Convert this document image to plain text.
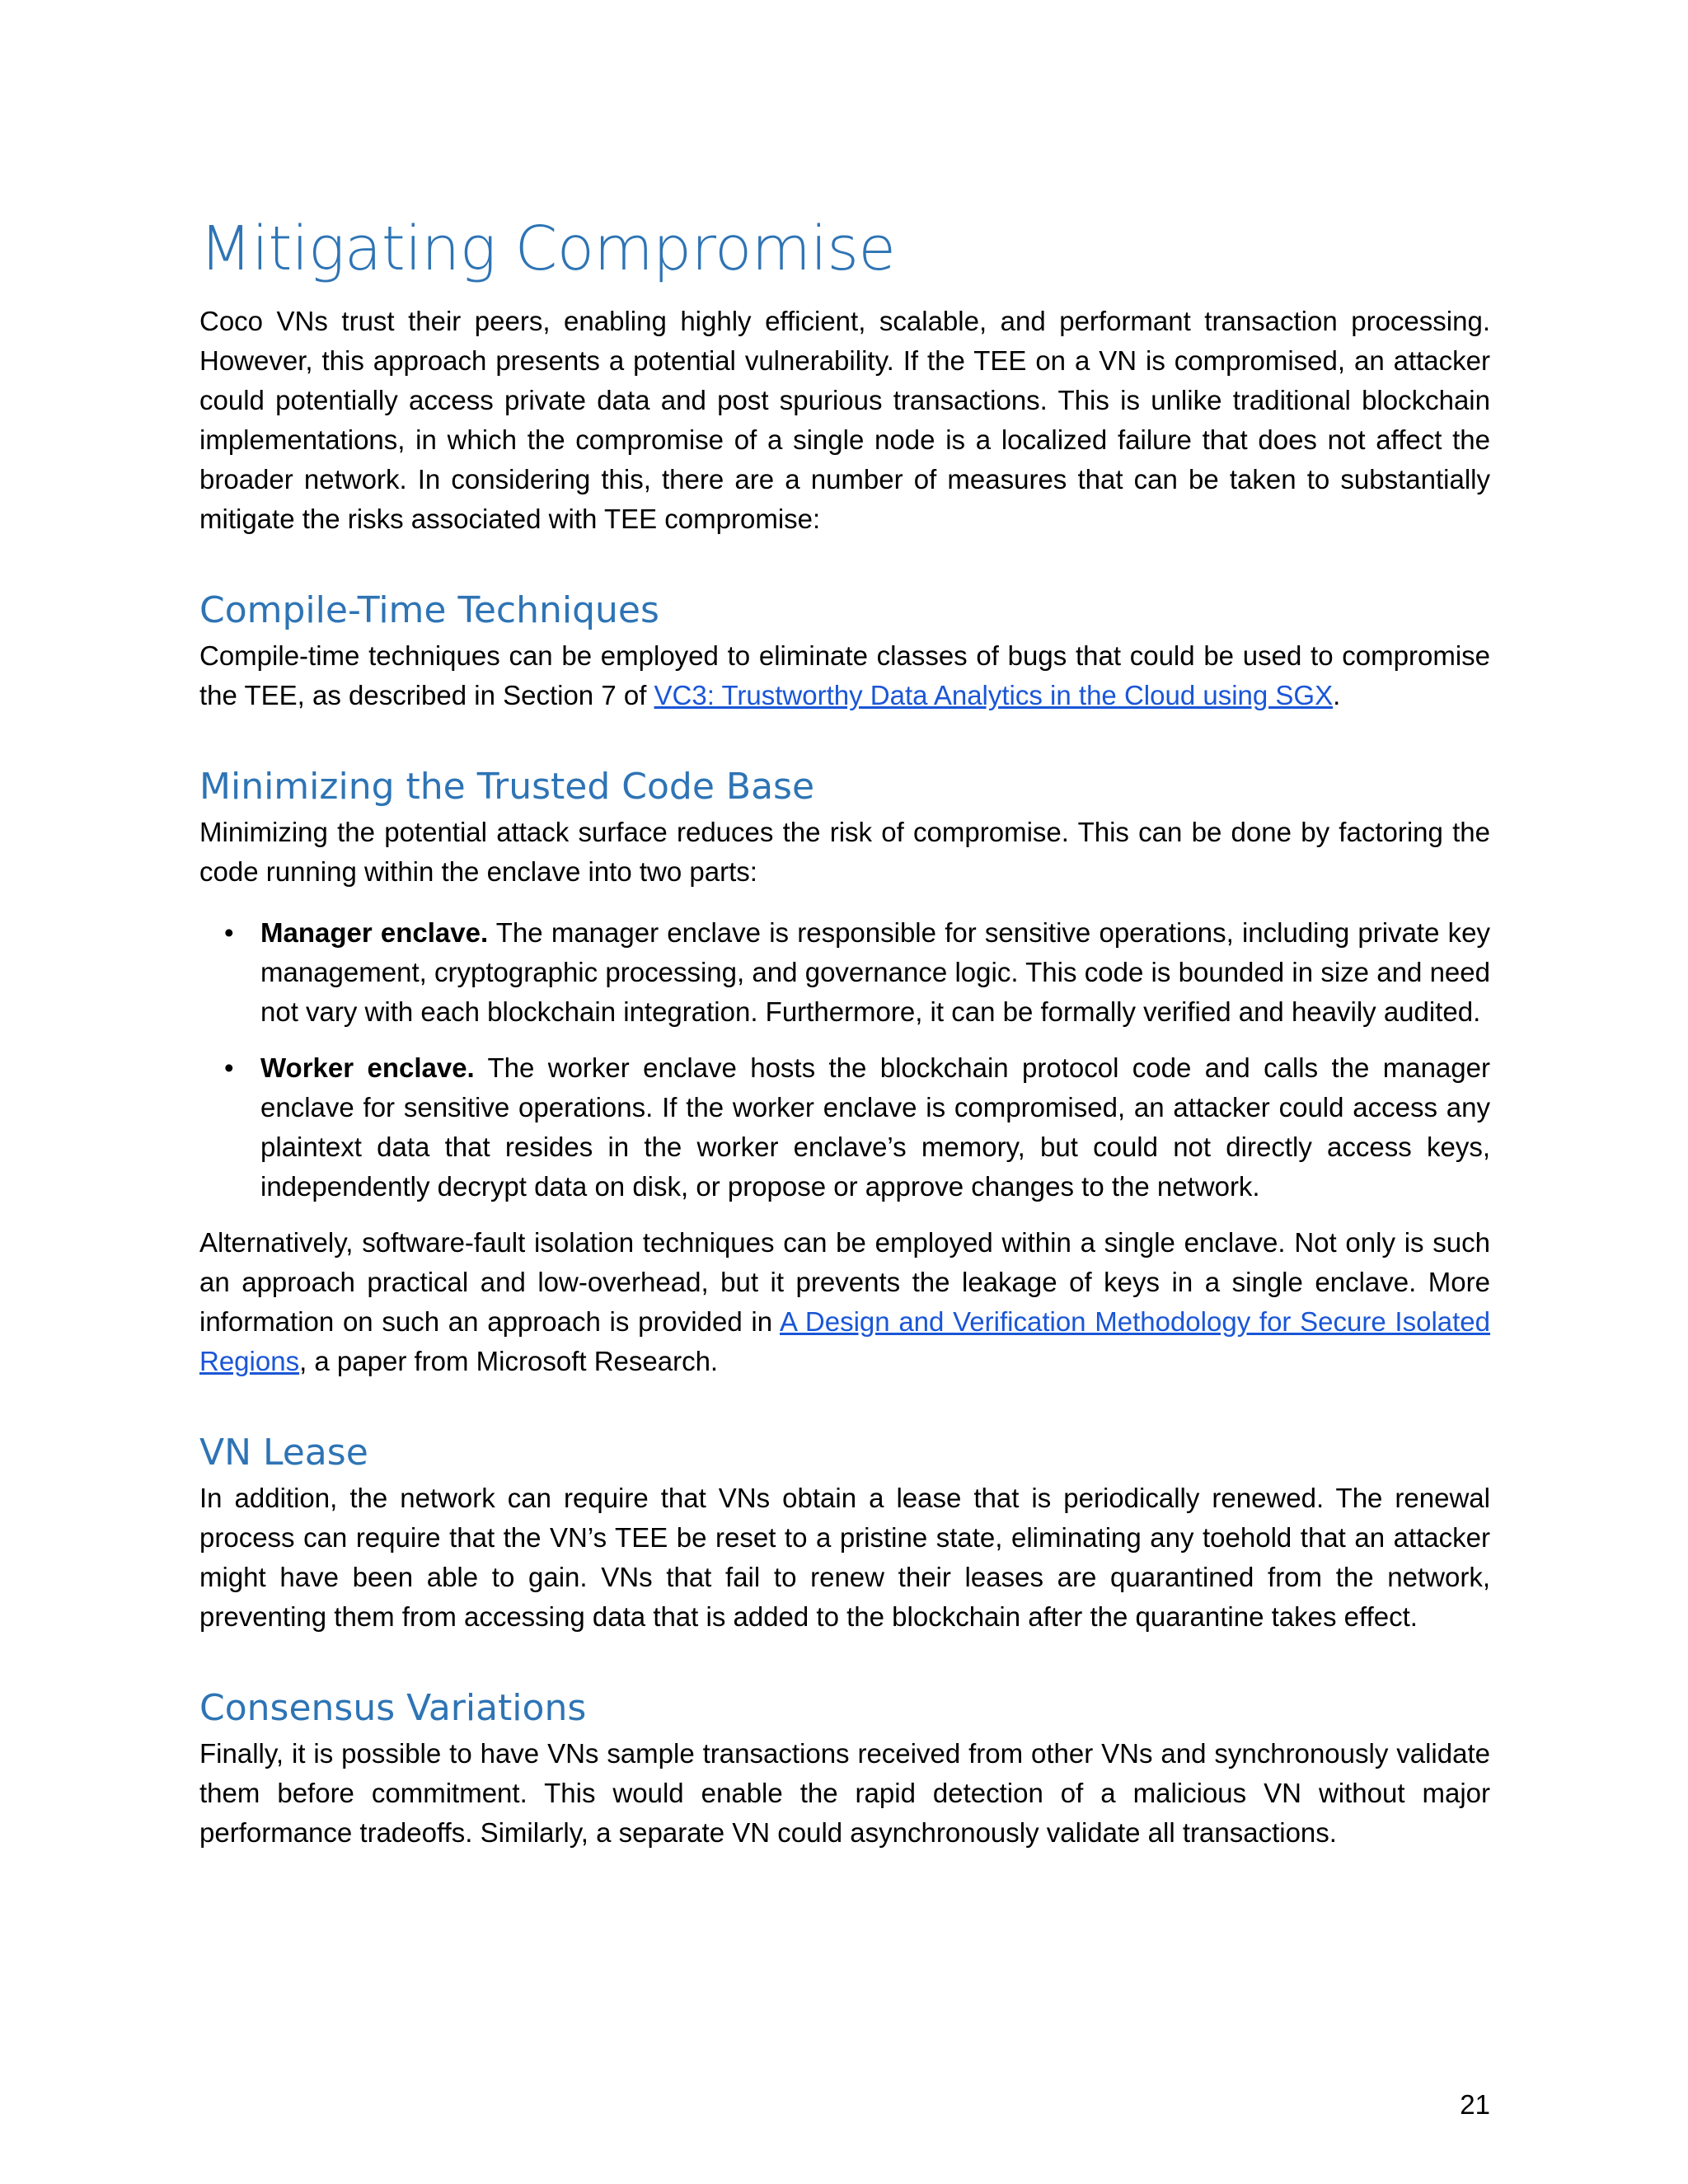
Mitigating Compromise

Coco VNs trust their peers, enabling highly efficient, scalable, and performant transaction processing. However, this approach presents a potential vulnerability. If the TEE on a VN is compromised, an attacker could potentially access private data and post spurious transactions. This is unlike traditional blockchain implementations, in which the compromise of a single node is a localized failure that does not affect the broader network. In considering this, there are a number of measures that can be taken to substantially mitigate the risks associated with TEE compromise:

Compile-Time Techniques

Compile-time techniques can be employed to eliminate classes of bugs that could be used to compromise the TEE, as described in Section 7 of VC3: Trustworthy Data Analytics in the Cloud using SGX.

Minimizing the Trusted Code Base

Minimizing the potential attack surface reduces the risk of compromise. This can be done by factoring the code running within the enclave into two parts:

• Manager enclave. The manager enclave is responsible for sensitive operations, including private key management, cryptographic processing, and governance logic. This code is bounded in size and need not vary with each blockchain integration. Furthermore, it can be formally verified and heavily audited.
• Worker enclave. The worker enclave hosts the blockchain protocol code and calls the manager enclave for sensitive operations. If the worker enclave is compromised, an attacker could access any plaintext data that resides in the worker enclave’s memory, but could not directly access keys, independently decrypt data on disk, or propose or approve changes to the network.

Alternatively, software-fault isolation techniques can be employed within a single enclave. Not only is such an approach practical and low-overhead, but it prevents the leakage of keys in a single enclave. More information on such an approach is provided in A Design and Verification Methodology for Secure Isolated Regions, a paper from Microsoft Research.

VN Lease

In addition, the network can require that VNs obtain a lease that is periodically renewed. The renewal process can require that the VN’s TEE be reset to a pristine state, eliminating any toehold that an attacker might have been able to gain. VNs that fail to renew their leases are quarantined from the network, preventing them from accessing data that is added to the blockchain after the quarantine takes effect.

Consensus Variations

Finally, it is possible to have VNs sample transactions received from other VNs and synchronously validate them before commitment. This would enable the rapid detection of a malicious VN without major performance tradeoffs. Similarly, a separate VN could asynchronously validate all transactions.

21
